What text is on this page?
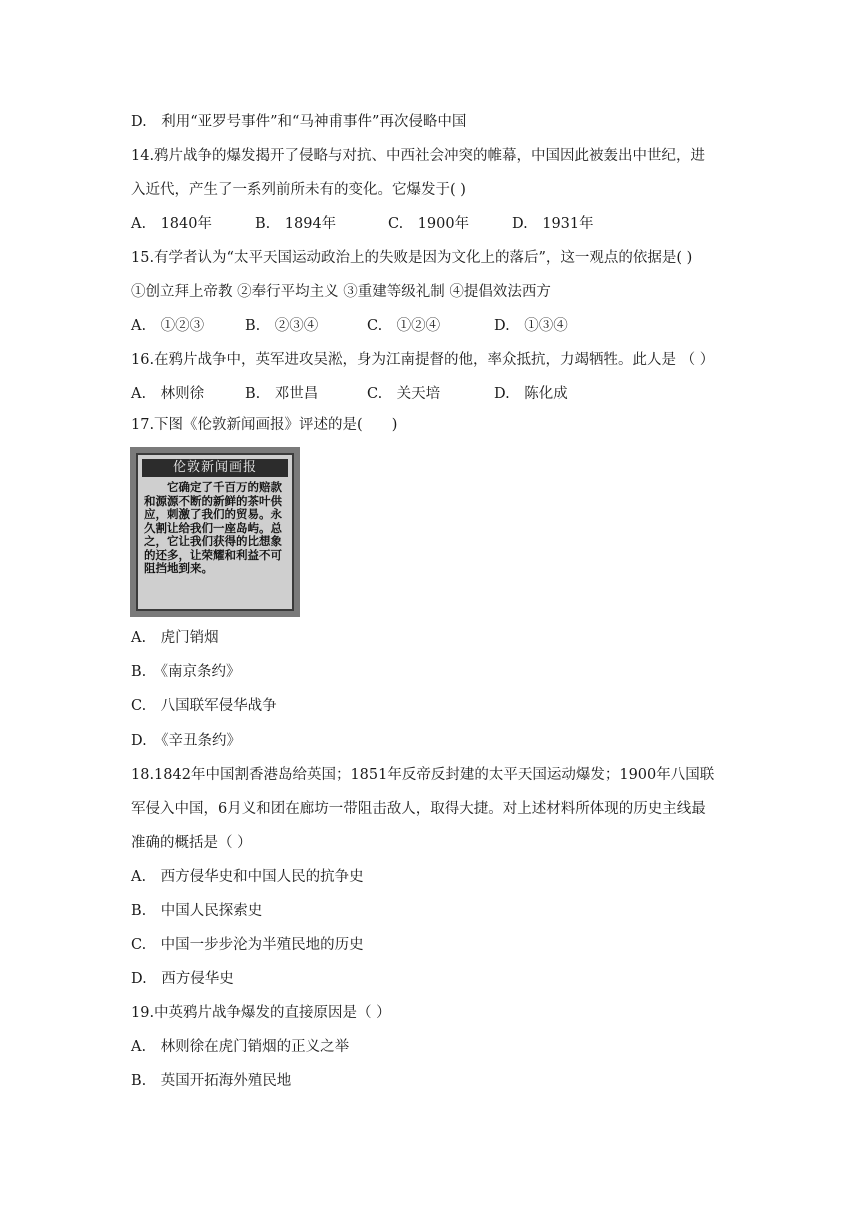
D.　利用“亚罗号事件”和“马神甫事件”再次侵略中国
14.鸦片战争的爆发揭开了侵略与对抗、中西社会冲突的帷幕，中国因此被轰出中世纪，进
入近代，产生了一系列前所未有的变化。它爆发于( )
A.　1840年	B.　1894年	C.　1900年	D.　1931年
15.有学者认为“太平天国运动政治上的失败是因为文化上的落后”，这一观点的依据是( )
①创立拜上帝教 ②奉行平均主义 ③重建等级礼制 ④提倡效法西方
A.　①②③	B.　②③④	C.　①②④	D.　①③④
16.在鸦片战争中，英军进攻吴淞，身为江南提督的他，率众抵抗，力竭牺牲。此人是 （ ）
A.　林则徐	B.　邓世昌	C.　关天培	D.　陈化成
17.下图《伦敦新闻画报》评述的是(　　)
伦敦新闻画报
　　它确定了千百万的赔款和源源不断的新鲜的茶叶供应，刺激了我们的贸易。永久割让给我们一座岛屿。总之，它让我们获得的比想象的还多，让荣耀和利益不可阻挡地到来。
A.　虎门销烟
B.　《南京条约》
C.　八国联军侵华战争
D.　《辛丑条约》
18.1842年中国割香港岛给英国；1851年反帝反封建的太平天国运动爆发；1900年八国联
军侵入中国，6月义和团在廊坊一带阻击敌人，取得大捷。对上述材料所体现的历史主线最
准确的概括是（ ）
A.　西方侵华史和中国人民的抗争史
B.　中国人民探索史
C.　中国一步步沦为半殖民地的历史
D.　西方侵华史
19.中英鸦片战争爆发的直接原因是（ ）
A.　林则徐在虎门销烟的正义之举
B.　英国开拓海外殖民地
